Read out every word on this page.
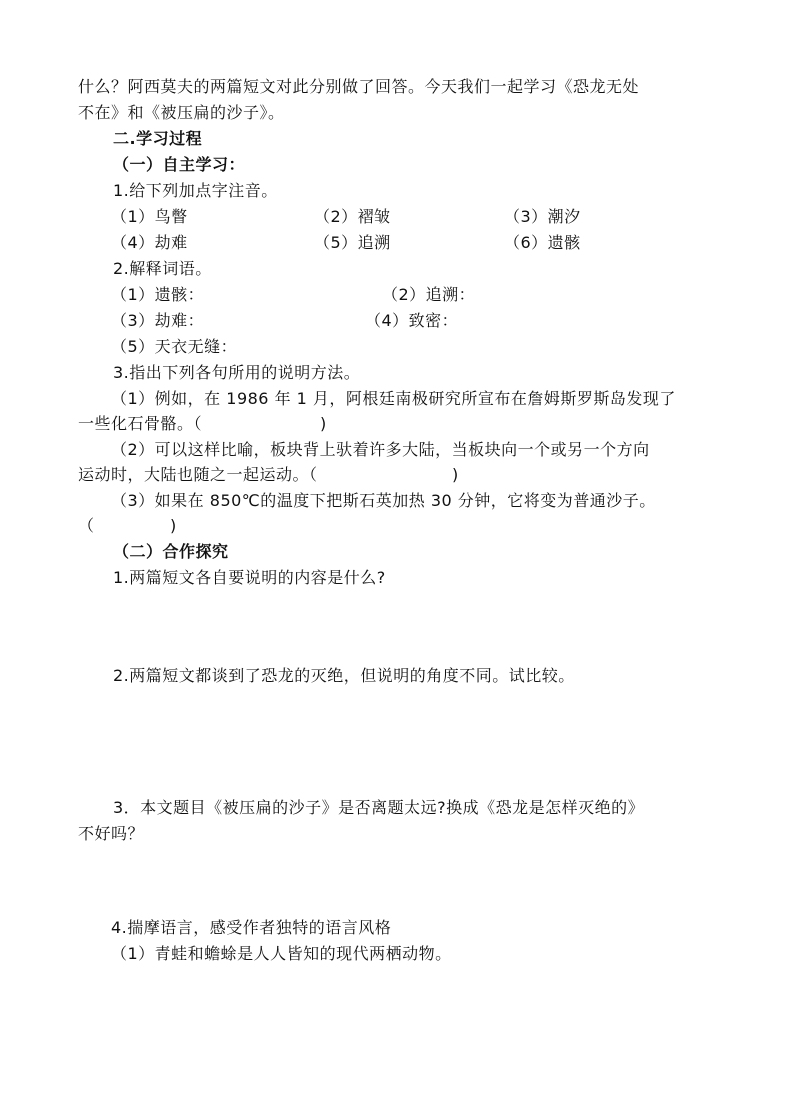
什么？阿西莫夫的两篇短文对此分别做了回答。今天我们一起学习《恐龙无处
不在》和《被压扁的沙子》。
二.学习过程
（一）自主学习：
1.给下列加点字注音。
（1）鸟瞥	（2）褶皱	（3）潮汐
（4）劫难	（5）追溯	（6）遗骸
2.解释词语。
（1）遗骸：	（2）追溯：
（3）劫难：	（4）致密：
（5）天衣无缝：
3.指出下列各句所用的说明方法。
（1）例如，在 1986 年 1 月，阿根廷南极研究所宣布在詹姆斯罗斯岛发现了
一些化石骨骼。（	)
（2）可以这样比喻，板块背上驮着许多大陆，当板块向一个或另一个方向
运动时，大陆也随之一起运动。（	)
（3）如果在 850℃的温度下把斯石英加热 30 分钟，它将变为普通沙子。
（	)
（二）合作探究
1.两篇短文各自要说明的内容是什么?
2.两篇短文都谈到了恐龙的灭绝，但说明的角度不同。试比较。
3．本文题目《被压扁的沙子》是否离题太远?换成《恐龙是怎样灭绝的》
不好吗？
4.揣摩语言，感受作者独特的语言风格
（1）青蛙和蟾蜍是人人皆知的现代两栖动物。
